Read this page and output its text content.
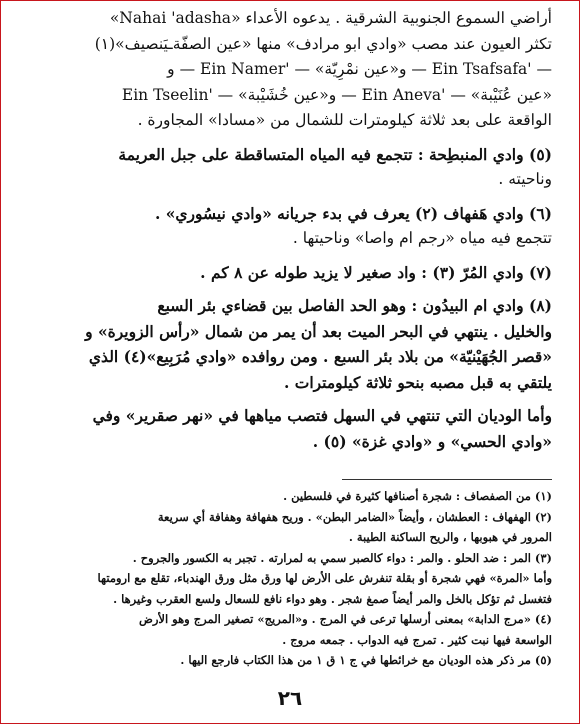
أراضي السموع الجنوبية الشرقية . يدعوه الأعداء «Nahai 'adasha»
تكثر العيون عند مصب «وادي ابو مرادف» منها «عين الصفّةـيَنصيف»(١)
— 'Ein Tsafsafa — و«عين نمْرِيّة» — 'Ein Namer — و
«عين عُنَيْبة» — 'Ein Aneva — و«عين خُشَيْبة» — 'Ein Tseelin
الواقعة على بعد ثلاثة كيلومترات للشمال من «مسادا» المجاورة .
(٥) وادي المنبطِحة : تتجمع فيه المياه المتساقطة على جبل العريمة
وناحيته .
(٦) وادي هَفهاف (٢) يعرف في بدء جريانه «وادي نيسُوري» .
تتجمع فيه مياه «رجم ام واصا» وناحيتها .
(٧) وادي المُرّ (٣) : واد صغير لا يزيد طوله عن ٨ كم .
(٨) وادي ام البيدُون : وهو الحد الفاصل بين قضاءي بئر السبع
والخليل . ينتهي في البحر الميت بعد أن يمر من شمال «رأس الزويرة» و
«قصر الجُهَيْنيّة» من بلاد بئر السبع . ومن روافده «وادي مُرَبِيع»(٤) الذي
يلتقي به قبل مصبه بنحو ثلاثة كيلومترات .
وأما الوديان التي تنتهي في السهل فتصب مياهها في «نهر صقرير» وفي
«وادي الحسي» و «وادي غزة» (٥) .
(١) من الصفصاف : شجرة أصنافها كثيرة في فلسطين .
(٢) الهفهاف : العطشان ، وأيضاً «الضامر البطن» . وريح هفهافة وهفافة أي سريعة
المرور في هبوبها ، والريح الساكنة الطيبة .
(٣) المر : ضد الحلو . والمر : دواء كالصبر سمي به لمرارته . تجبر به الكسور والجروح .
وأما «المرة» فهي شجرة أو بقلة تنفرش على الأرض لها ورق مثل ورق الهندباء، تقلع مع ارومتها
فتغسل ثم تؤكل بالخل والمر أيضاً صمغ شجر . وهو دواء نافع للسعال ولسع العقرب وغيرها .
(٤) «مرج الدابة» بمعنى أرسلها ترعى في المرج . و«المريج» تصغير المرج وهو الأرض
الواسعة فيها نبت كثير . تمرج فيه الدواب . جمعه مروج .
(٥) مر ذكر هذه الوديان مع خرائطها في ج ١ ق ١ من هذا الكتاب فارجع اليها .
٢٦
